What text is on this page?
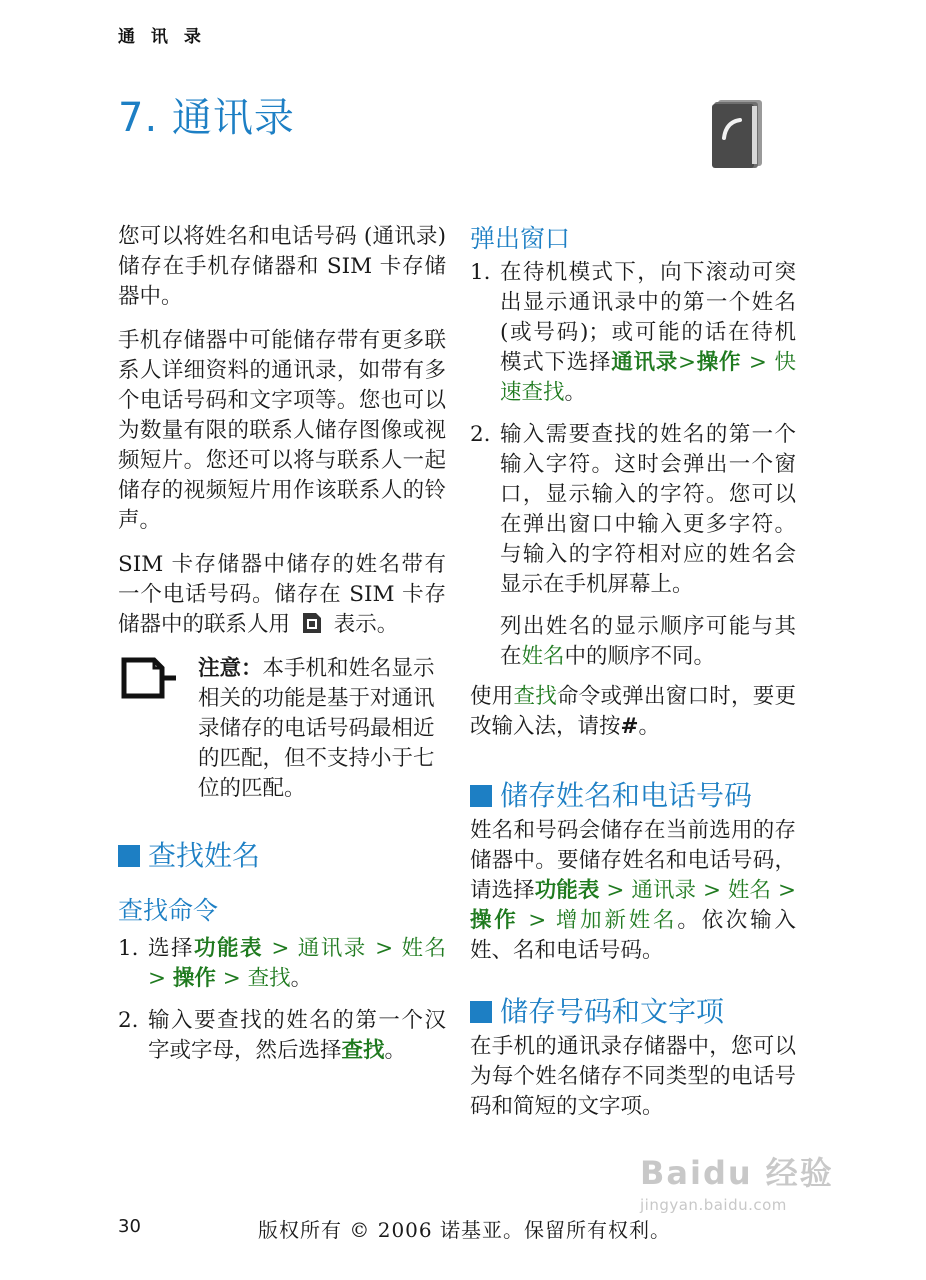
通 讯 录
7. 通讯录

您可以将姓名和电话号码 (通讯录) 储存在手机存储器和 SIM 卡存储器中。

手机存储器中可能储存带有更多联系人详细资料的通讯录，如带有多个电话号码和文字项等。您也可以为数量有限的联系人储存图像或视频短片。您还可以将与联系人一起储存的视频短片用作该联系人的铃声。

SIM 卡存储器中储存的姓名带有一个电话号码。储存在 SIM 卡存储器中的联系人用 表示。

注意：本手机和姓名显示相关的功能是基于对通讯录储存的电话号码最相近的匹配，但不支持小于七位的匹配。
查找姓名
查找命令
1. 选择功能表 > 通讯录 > 姓名 > 操作 > 查找。
2. 输入要查找的姓名的第一个汉字或字母，然后选择查找。
弹出窗口
1. 在待机模式下，向下滚动可突出显示通讯录中的第一个姓名 (或号码)；或可能的话在待机模式下选择通讯录>操作 > 快速查找。
2. 输入需要查找的姓名的第一个输入字符。这时会弹出一个窗口，显示输入的字符。您可以在弹出窗口中输入更多字符。与输入的字符相对应的姓名会显示在手机屏幕上。
列出姓名的显示顺序可能与其在姓名中的顺序不同。

使用查找命令或弹出窗口时，要更改输入法，请按#。

储存姓名和电话号码

姓名和号码会储存在当前选用的存储器中。要储存姓名和电话号码，请选择功能表 > 通讯录 > 姓名 > 操作 > 增加新姓名。依次输入姓、名和电话号码。

储存号码和文字项

在手机的通讯录存储器中，您可以为每个姓名储存不同类型的电话号码和简短的文字项。

30	版权所有 © 2006 诺基亚。保留所有权利。
Baidu 经验
jingyan.baidu.com
